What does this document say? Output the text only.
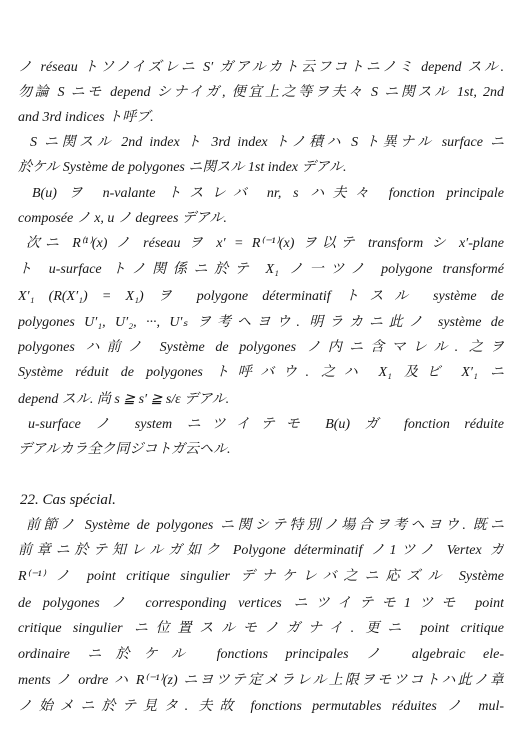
ノ réseau トソノイズレニ S′ ガアルカト云フコトニノミ depend スル.
勿論 S ニモ depend シナイガ, 便宜上之等ヲ夫々 S ニ関スル 1st, 2nd
and 3rd indices ト呼ブ.
S ニ関スル 2nd index ト 3rd index トノ積ハ S ト異ナル surface ニ
於ケル Système de polygones ニ関スル 1st index デアル.
B(u) ヲ n-valante トスレバ nr, s ハ夫々 fonction principale
composée ノ x, u ノ degrees デアル.
次ニ R⁽¹⁾(x) ノ réseau ヲ x′ = R⁽⁻¹⁾(x) ヲ以テ transform シ x′-plane
ト u-surface トノ関係ニ於テ X₁ ノ一ツノ polygone transformé
X′₁ (R(X′₁) = X₁) ヲ polygone déterminatif トスル système de
polygones U′₁, U′₂, ···, U′ₛ ヲ考ヘヨウ. 明ラカニ此ノ système de
polygones ハ前ノ Système de polygones ノ内ニ含マレル. 之ヲ
Système réduit de polygones ト呼バウ. 之ハ X₁ 及ビ X′₁ ニ
depend スル. 尚 s ≧ s′ ≧ s/ε デアル.
u-surface ノ system ニツイテモ B(u) ガ fonction réduite
デアルカラ全ク同ジコトガ云ヘル.
22. Cas spécial.
前節ノ Système de polygones ニ関シテ特別ノ場合ヲ考ヘヨウ. 既ニ
前章ニ於テ知レルガ如ク Polygone déterminatif ノ1ツノ Vertex ガ
R⁽⁻¹⁾ ノ point critique singulier デナケレバ之ニ応ズル Système
de polygones ノ corresponding vertices ニツイテモ1ツモ point
critique singulier ニ位置スルモノガナイ. 更ニ point critique
ordinaire ニ於ケル fonctions principales ノ algebraic ele-
ments ノ ordre ハ R⁽⁻¹⁾(z) ニヨツテ定メラレル上限ヲモツコトハ此ノ章
ノ始メニ於テ見タ. 夫故 fonctions permutables réduites ノ mul-
